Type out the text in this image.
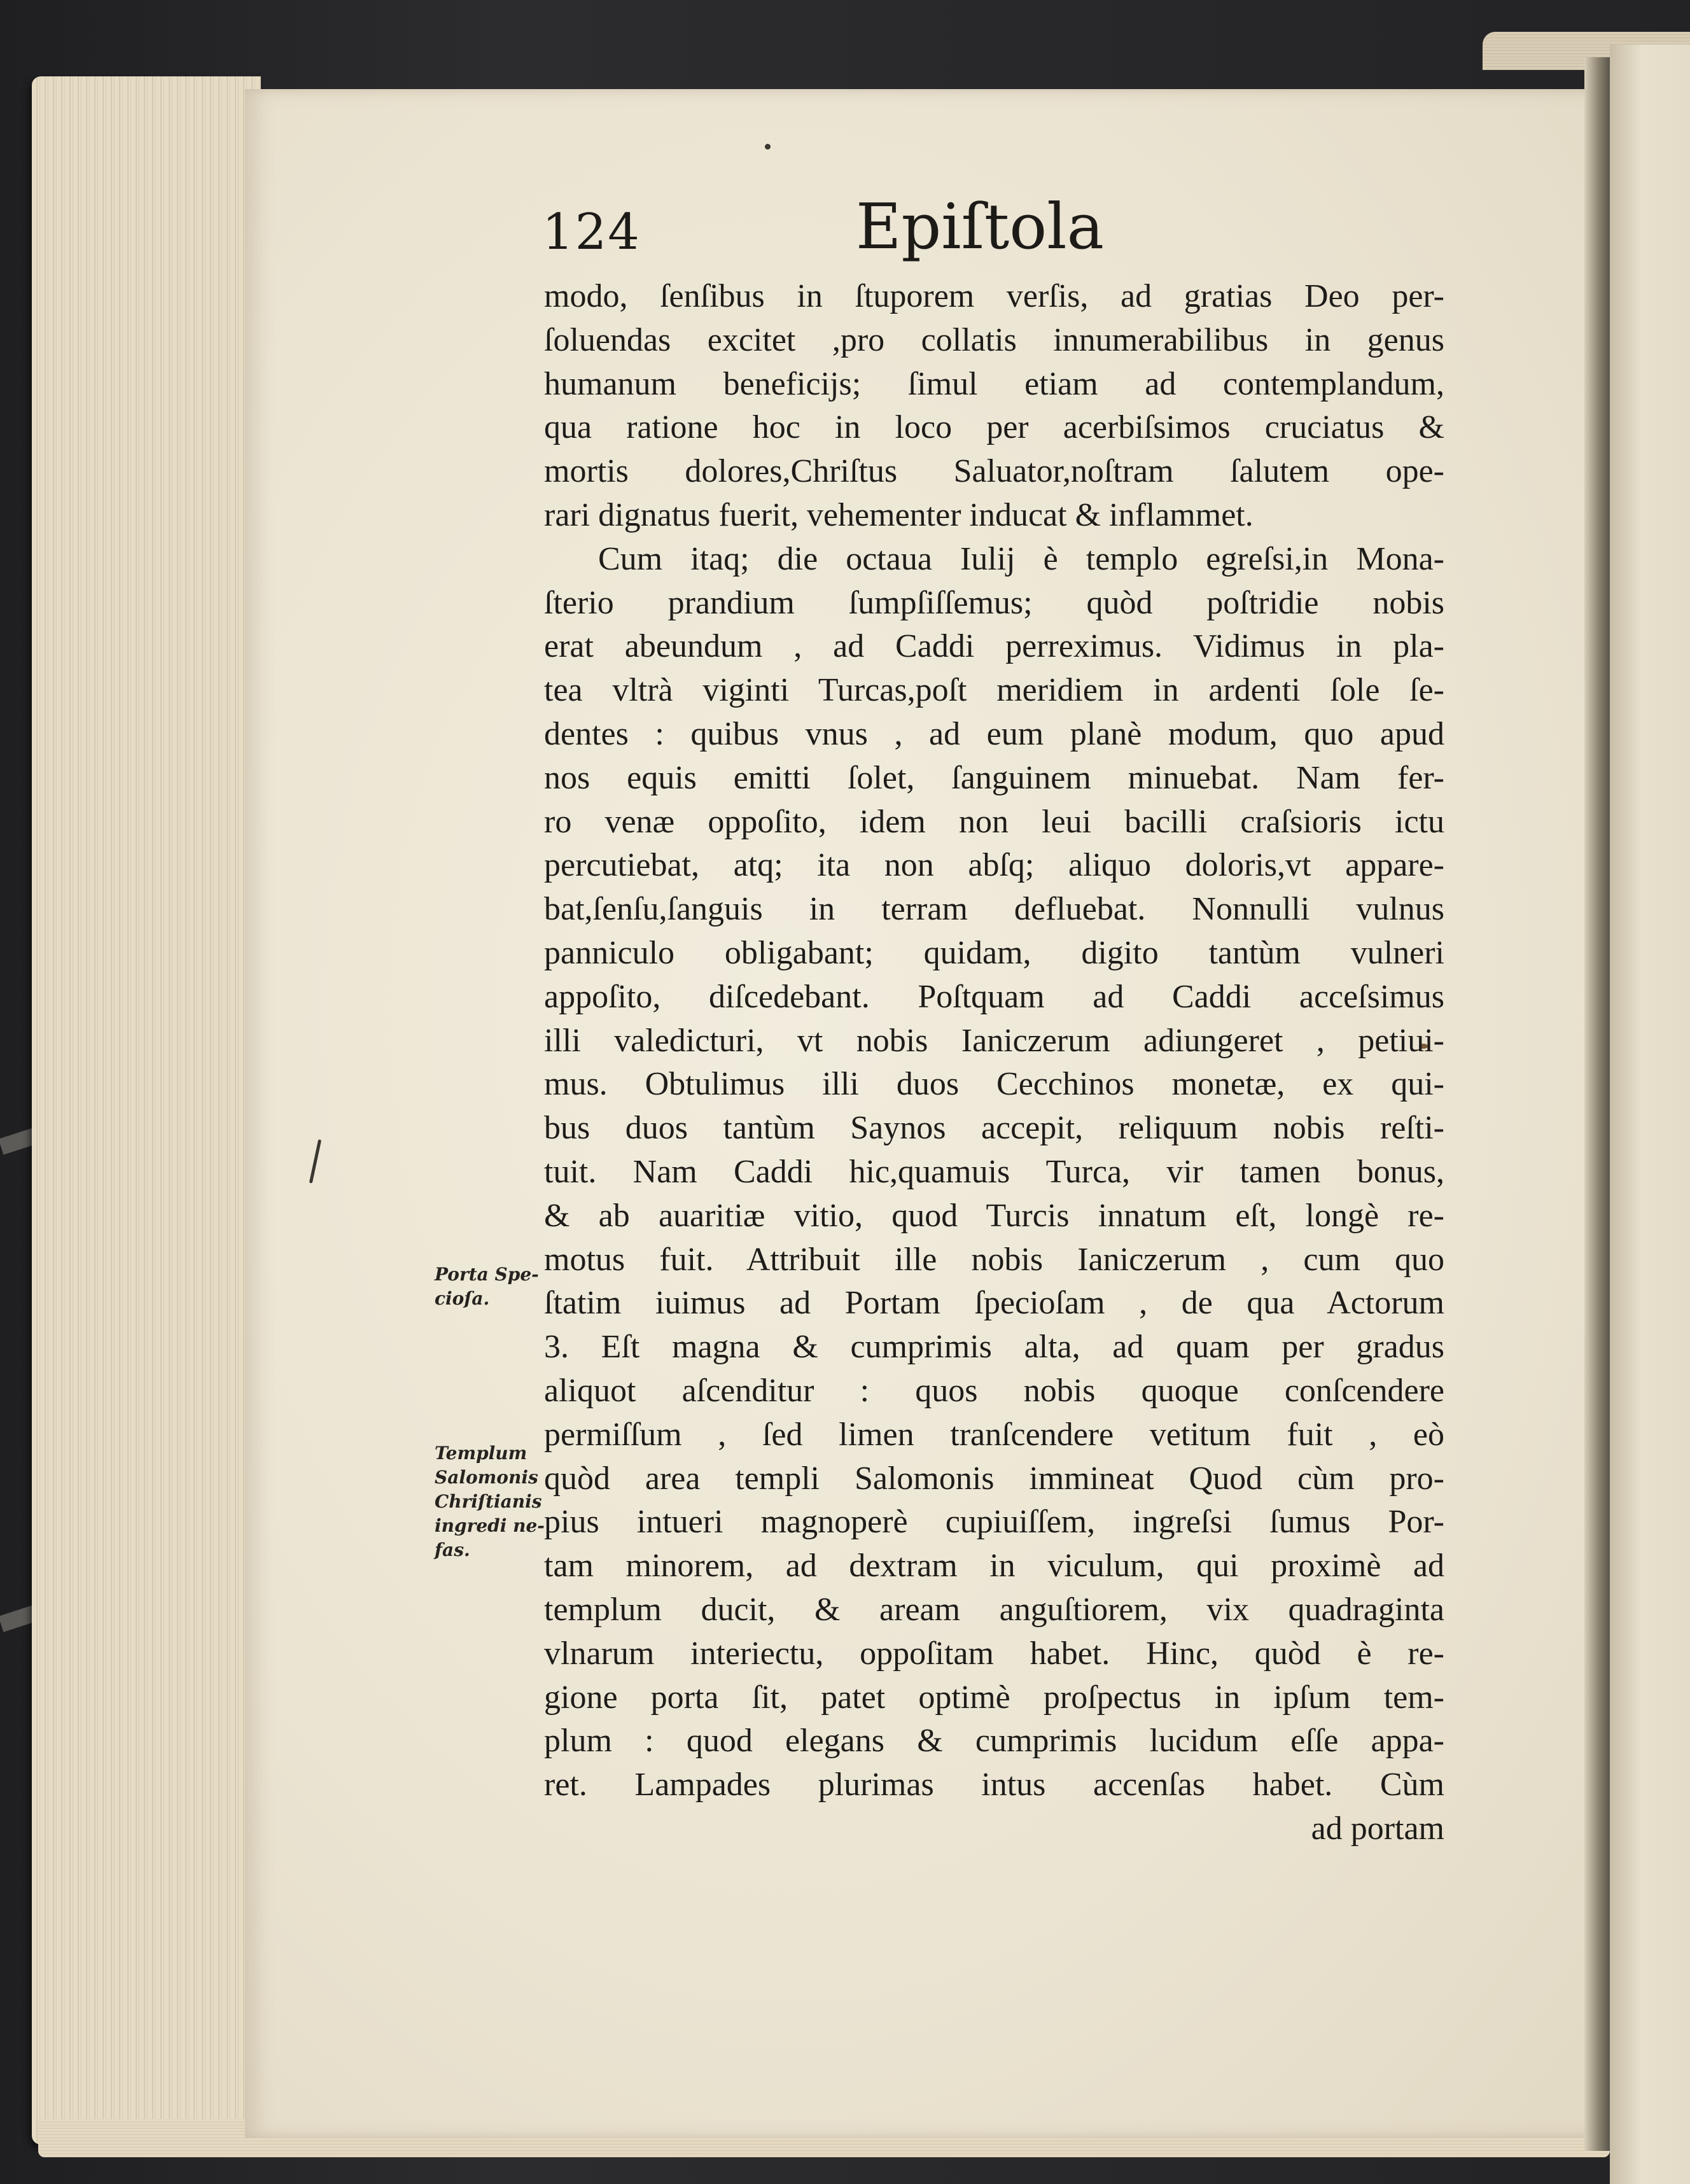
124	Epiſtola
modo, ſenſibus in ſtuporem verſis, ad gratias Deo per-
ſoluendas excitet ,pro collatis innumerabilibus in genus
humanum beneficijs; ſimul etiam ad contemplandum,
qua ratione hoc in loco per acerbiſsimos cruciatus &
mortis dolores,Chriſtus Saluator,noſtram ſalutem ope-
rari dignatus fuerit, vehementer inducat & inflammet.
Cum itaq; die octaua Iulij è templo egreſsi,in Mona-
ſterio prandium ſumpſiſſemus; quòd poſtridie nobis
erat abeundum , ad Caddi perreximus. Vidimus in pla-
tea vltrà viginti Turcas,poſt meridiem in ardenti ſole ſe-
dentes : quibus vnus , ad eum planè modum, quo apud
nos equis emitti ſolet, ſanguinem minuebat. Nam fer-
ro venæ oppoſito, idem non leui bacilli craſsioris ictu
percutiebat, atq; ita non abſq; aliquo doloris,vt appare-
bat,ſenſu,ſanguis in terram defluebat. Nonnulli vulnus
panniculo obligabant; quidam, digito tantùm vulneri
appoſito, diſcedebant. Poſtquam ad Caddi acceſsimus
illi valedicturi, vt nobis Ianiczerum adiungeret , petiui-
mus. Obtulimus illi duos Cecchinos monetæ, ex qui-
bus duos tantùm Saynos accepit, reliquum nobis reſti-
tuit. Nam Caddi hic,quamuis Turca, vir tamen bonus,
& ab auaritiæ vitio, quod Turcis innatum eſt, longè re-
motus fuit. Attribuit ille nobis Ianiczerum , cum quo
ſtatim iuimus ad Portam ſpecioſam , de qua Actorum
3. Eſt magna & cumprimis alta, ad quam per gradus
aliquot aſcenditur : quos nobis quoque conſcendere
permiſſum , ſed limen tranſcendere vetitum fuit , eò
quòd area templi Salomonis immineat Quod cùm pro-
pius intueri magnoperè cupiuiſſem, ingreſsi ſumus Por-
tam minorem, ad dextram in viculum, qui proximè ad
templum ducit, & aream anguſtiorem, vix quadraginta
vlnarum interiectu, oppoſitam habet. Hinc, quòd è re-
gione porta ſit, patet optimè proſpectus in ipſum tem-
plum : quod elegans & cumprimis lucidum eſſe appa-
ret. Lampades plurimas intus accenſas habet. Cùm
ad portam
Porta Spe-
cioſa.
Templum
Salomonis
Chriſtianis
ingredi ne-
fas.
